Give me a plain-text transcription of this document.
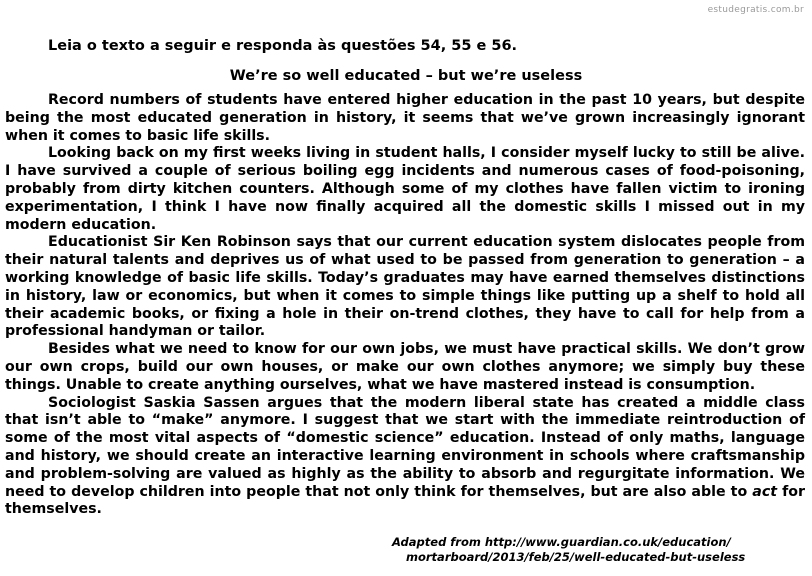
estudegratis.com.br
Leia o texto a seguir e responda às questões 54, 55 e 56.
We’re so well educated – but we’re useless

Record numbers of students have entered higher education in the past 10 years, but despite being the most educated generation in history, it seems that we’ve grown increasingly ignorant when it comes to basic life skills.

Looking back on my first weeks living in student halls, I consider myself lucky to still be alive. I have survived a couple of serious boiling egg incidents and numerous cases of food-poisoning, probably from dirty kitchen counters. Although some of my clothes have fallen victim to ironing experimentation, I think I have now finally acquired all the domestic skills I missed out in my modern education.

Educationist Sir Ken Robinson says that our current education system dislocates people from their natural talents and deprives us of what used to be passed from generation to generation – a working knowledge of basic life skills. Today’s graduates may have earned themselves distinctions in history, law or economics, but when it comes to simple things like putting up a shelf to hold all their academic books, or fixing a hole in their on-trend clothes, they have to call for help from a professional handyman or tailor.

Besides what we need to know for our own jobs, we must have practical skills. We don’t grow our own crops, build our own houses, or make our own clothes anymore; we simply buy these things. Unable to create anything ourselves, what we have mastered instead is consumption.

Sociologist Saskia Sassen argues that the modern liberal state has created a middle class that isn’t able to “make” anymore. I suggest that we start with the immediate reintroduction of some of the most vital aspects of “domestic science” education. Instead of only maths, language and history, we should create an interactive learning environment in schools where craftsmanship and problem-solving are valued as highly as the ability to absorb and regurgitate information. We need to develop children into people that not only think for themselves, but are also able to act for themselves.

Adapted from http://www.guardian.co.uk/education/
mortarboard/2013/feb/25/well-educated-but-useless
